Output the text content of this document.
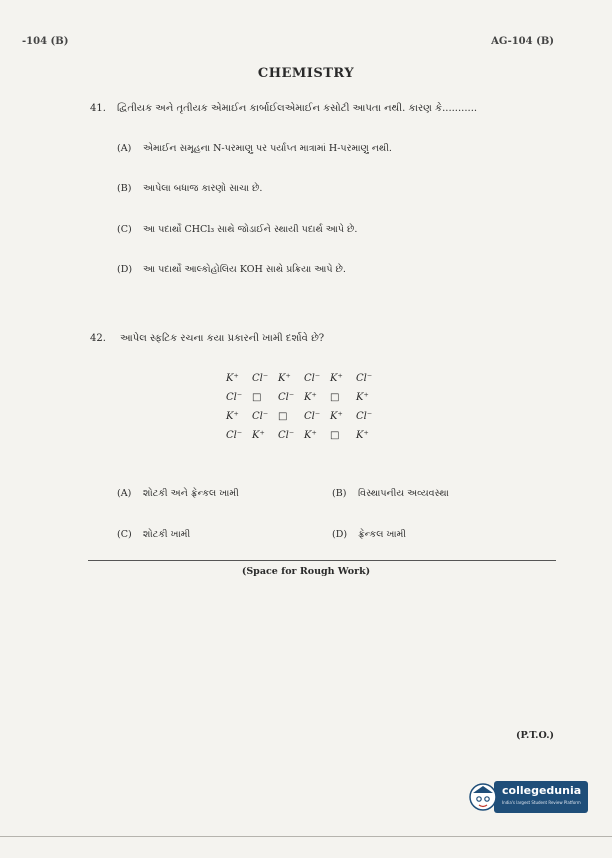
-104 (B)	AG-104 (B)
CHEMISTRY
41. દ્વિતીયક અને તૃતીયક એમાઈન કાર્બાઈલએમાઈન કસોટી આપતા નથી. કારણ કે...........
(A) એમાઈન સમૂહના N-પરમાણુ પર પર્યાપ્ત માત્રામાં H-પરમાણુ નથી.
(B) આપેલા બધાજ કારણો સાચા છે.
(C) આ પદાર્થો CHCl₃ સાથે જોડાઈને સ્થાયી પદાર્થ આપે છે.
(D) આ પદાર્થો આલ્કોહોલિય KOH સાથે પ્રક્રિયા આપે છે.
42. આપેલ સ્ફટિક રચના કયા પ્રકારની ખામી દર્શાવે છે?
K⁺ Cl⁻ K⁺ Cl⁻ K⁺ Cl⁻
Cl⁻ □ Cl⁻ K⁺ □ K⁺
K⁺ Cl⁻ □ Cl⁻ K⁺ Cl⁻
Cl⁻ K⁺ Cl⁻ K⁺ □ K⁺
(A) શોટકી અને ફ્રેન્કલ ખામી	(B) વિસ્થાપનીય અવ્યવસ્થા
(C) શોટકી ખામી	(D) ફ્રેન્કલ ખામી
(Space for Rough Work)
(P.T.O.)
collegedunia
India's largest Student Review Platform
